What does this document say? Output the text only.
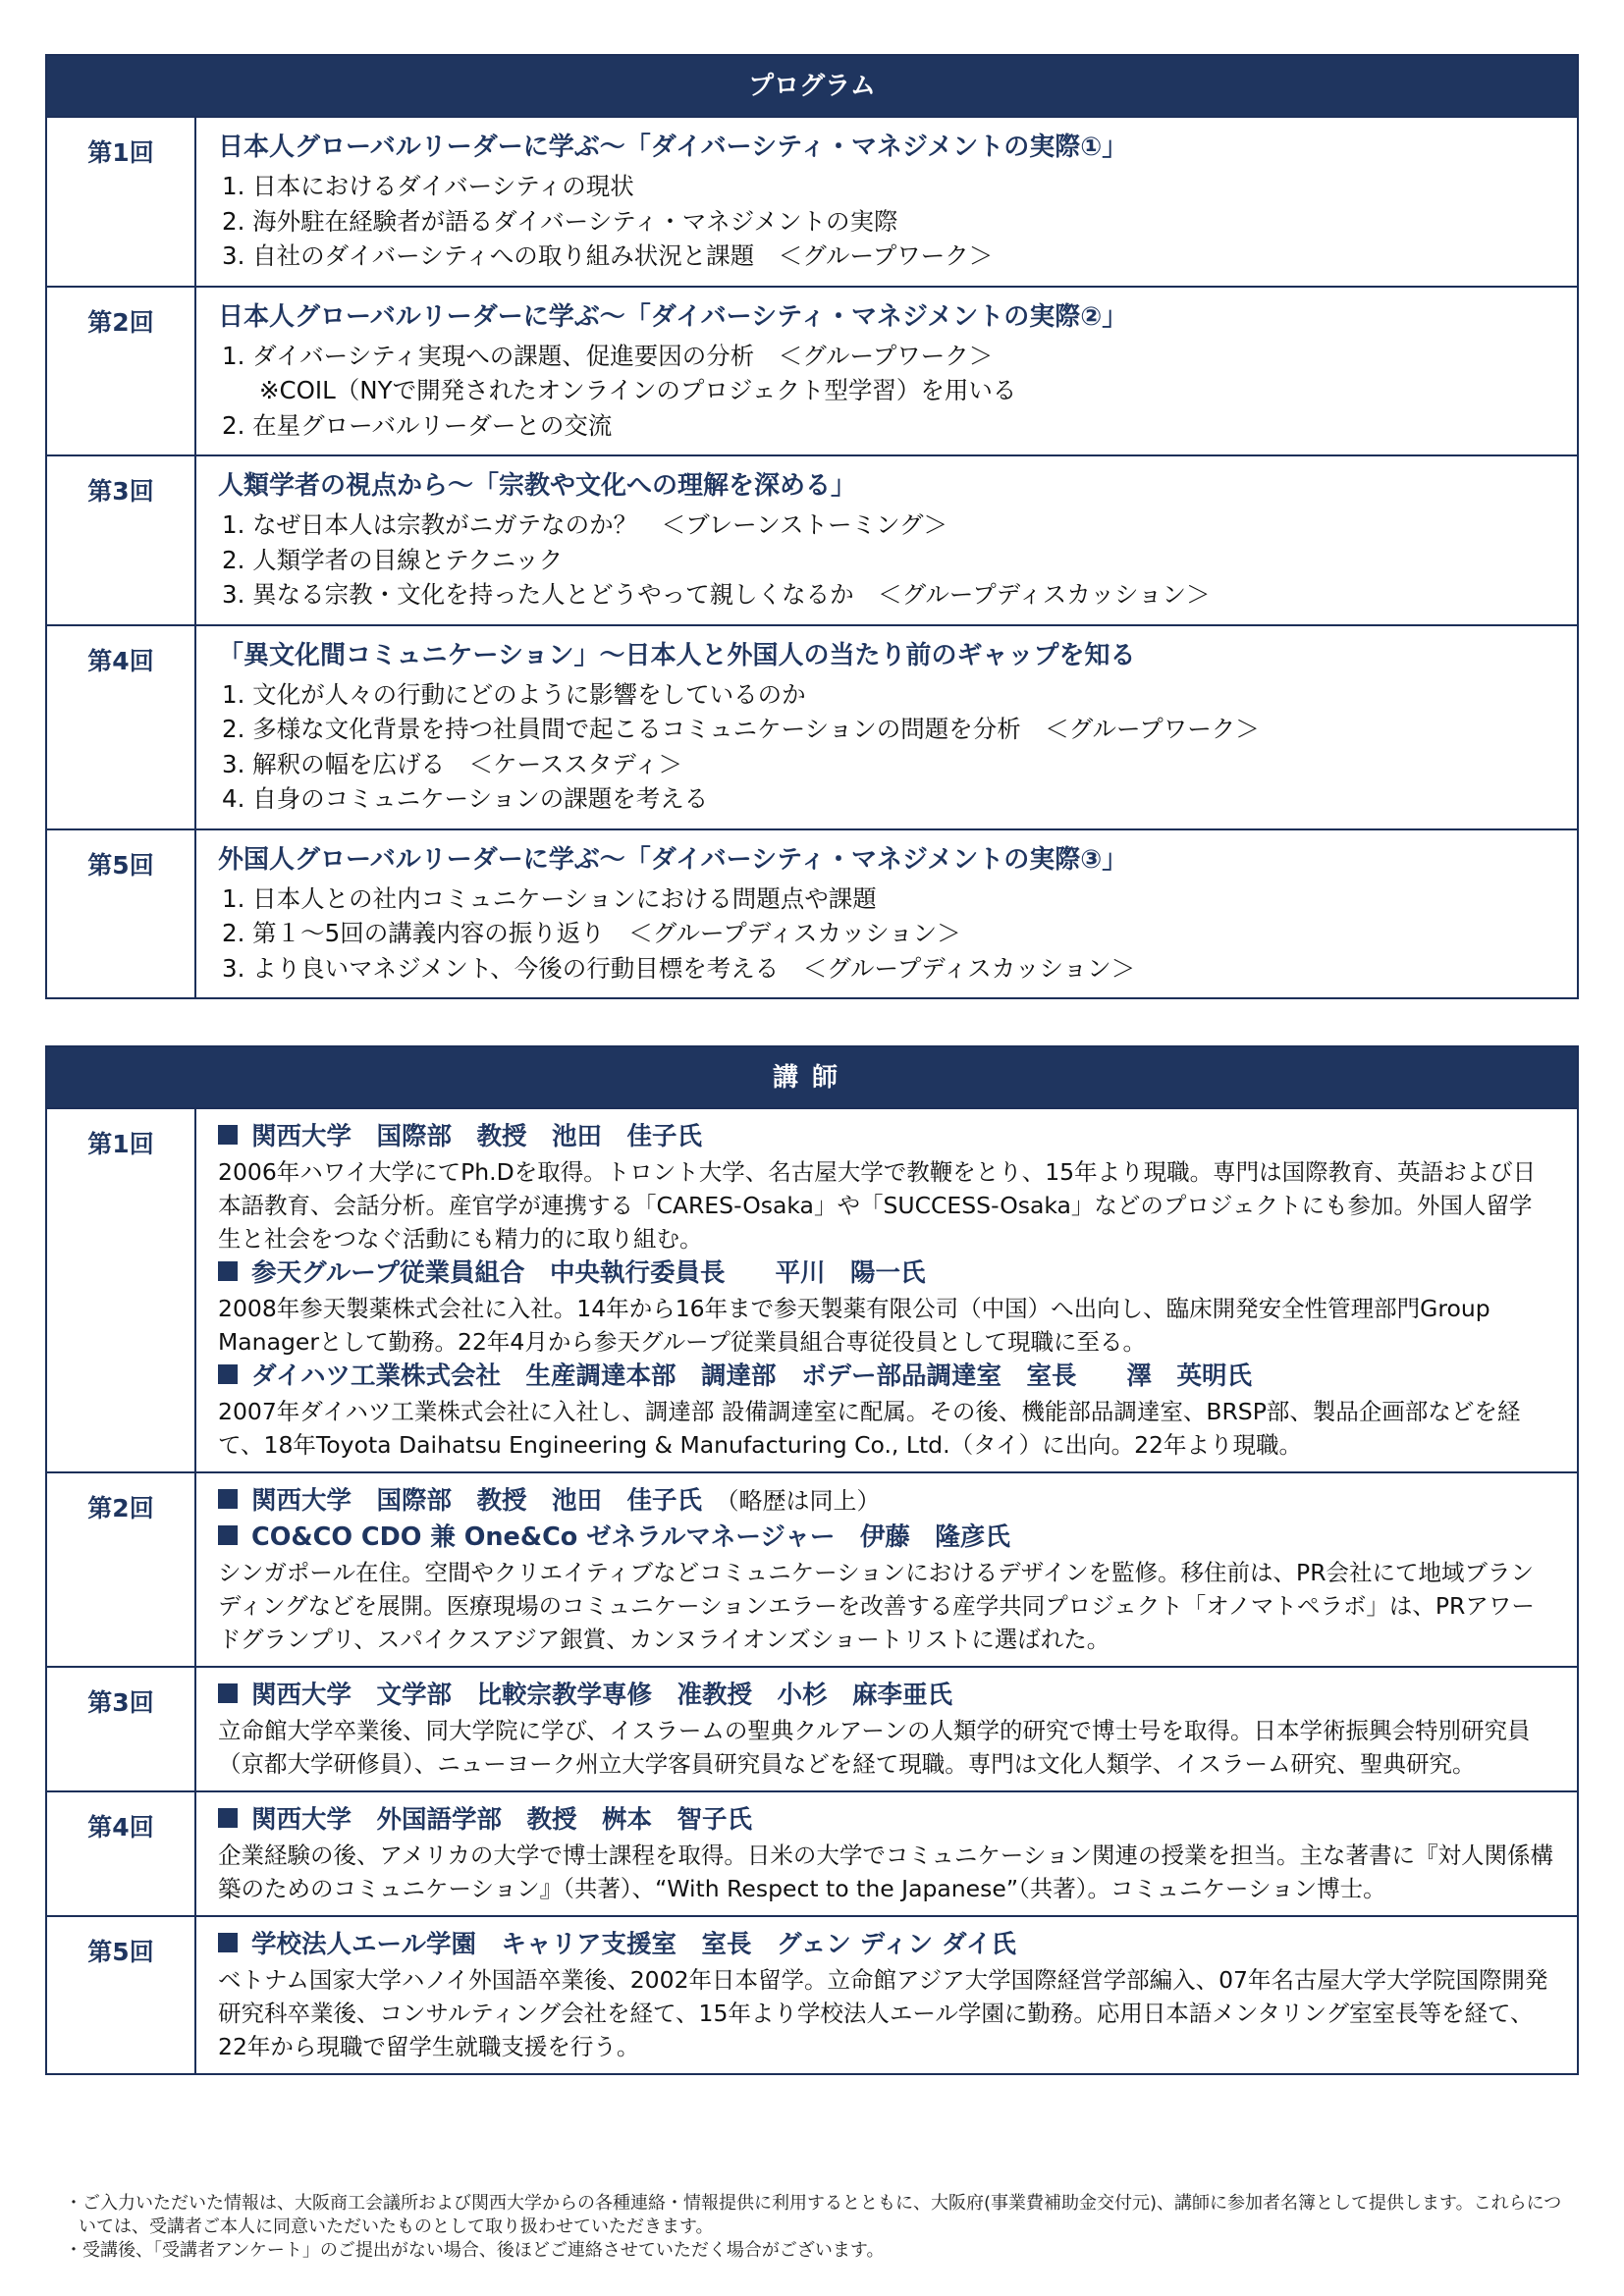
プログラム
第1回	日本人グローバルリーダーに学ぶ～「ダイバーシティ・マネジメントの実際①」
1. 日本におけるダイバーシティの現状
2. 海外駐在経験者が語るダイバーシティ・マネジメントの実際
3. 自社のダイバーシティへの取り組み状況と課題　＜グループワーク＞
第2回	日本人グローバルリーダーに学ぶ～「ダイバーシティ・マネジメントの実際②」
1. ダイバーシティ実現への課題、促進要因の分析　＜グループワーク＞
※COIL（NYで開発されたオンラインのプロジェクト型学習）を用いる
2. 在星グローバルリーダーとの交流
第3回	人類学者の視点から～「宗教や文化への理解を深める」
1. なぜ日本人は宗教がニガテなのか？　＜ブレーンストーミング＞
2. 人類学者の目線とテクニック
3. 異なる宗教・文化を持った人とどうやって親しくなるか　＜グループディスカッション＞
第4回	「異文化間コミュニケーション」～日本人と外国人の当たり前のギャップを知る
1. 文化が人々の行動にどのように影響をしているのか
2. 多様な文化背景を持つ社員間で起こるコミュニケーションの問題を分析　＜グループワーク＞
3. 解釈の幅を広げる　＜ケーススタディ＞
4. 自身のコミュニケーションの課題を考える
第5回	外国人グローバルリーダーに学ぶ～「ダイバーシティ・マネジメントの実際③」
1. 日本人との社内コミュニケーションにおける問題点や課題
2. 第１～5回の講義内容の振り返り　＜グループディスカッション＞
3. より良いマネジメント、今後の行動目標を考える　＜グループディスカッション＞
講師
第1回	関西大学　国際部　教授　池田　佳子氏
2006年ハワイ大学にてPh.Dを取得。トロント大学、名古屋大学で教鞭をとり、15年より現職。専門は国際教育、英語および日本語教育、会話分析。産官学が連携する「CARES-Osaka」や「SUCCESS-Osaka」などのプロジェクトにも参加。外国人留学生と社会をつなぐ活動にも精力的に取り組む。
参天グループ従業員組合　中央執行委員長　　平川　陽一氏
2008年参天製薬株式会社に入社。14年から16年まで参天製薬有限公司（中国）へ出向し、臨床開発安全性管理部門Group Managerとして勤務。22年4月から参天グループ従業員組合専従役員として現職に至る。
ダイハツ工業株式会社　生産調達本部　調達部　ボデー部品調達室　室長　　澤　英明氏
2007年ダイハツ工業株式会社に入社し、調達部 設備調達室に配属。その後、機能部品調達室、BRSP部、製品企画部などを経て、18年Toyota Daihatsu Engineering & Manufacturing Co., Ltd.（タイ）に出向。22年より現職。
第2回	関西大学　国際部　教授　池田　佳子氏　 （略歴は同上）
CO&CO CDO 兼 One&Co ゼネラルマネージャー　伊藤　隆彦氏
シンガポール在住。空間やクリエイティブなどコミュニケーションにおけるデザインを監修。移住前は、PR会社にて地域ブランディングなどを展開。医療現場のコミュニケーションエラーを改善する産学共同プロジェクト「オノマトペラボ」は、PRアワードグランプリ、スパイクスアジア銀賞、カンヌライオンズショートリストに選ばれた。
第3回	関西大学　文学部　比較宗教学専修　准教授　小杉　麻李亜氏
立命館大学卒業後、同大学院に学び、イスラームの聖典クルアーンの人類学的研究で博士号を取得。日本学術振興会特別研究員（京都大学研修員）、ニューヨーク州立大学客員研究員などを経て現職。専門は文化人類学、イスラーム研究、聖典研究。
第4回	関西大学　外国語学部　教授　桝本　智子氏
企業経験の後、アメリカの大学で博士課程を取得。日米の大学でコミュニケーション関連の授業を担当。主な著書に『対人関係構築のためのコミュニケーション』（共著）、“With Respect to the Japanese”（共著）。コミュニケーション博士。
第5回	学校法人エール学園　キャリア支援室　室長　グェン ディン ダイ氏
ベトナム国家大学ハノイ外国語卒業後、2002年日本留学。立命館アジア大学国際経営学部編入、07年名古屋大学大学院国際開発研究科卒業後、コンサルティング会社を経て、15年より学校法人エール学園に勤務。応用日本語メンタリング室室長等を経て、22年から現職で留学生就職支援を行う。
・ご入力いただいた情報は、大阪商工会議所および関西大学からの各種連絡・情報提供に利用するとともに、大阪府(事業費補助金交付元)、講師に参加者名簿として提供します。これらについては、受講者ご本人に同意いただいたものとして取り扱わせていただきます。
・受講後、「受講者アンケート」のご提出がない場合、後ほどご連絡させていただく場合がございます。
